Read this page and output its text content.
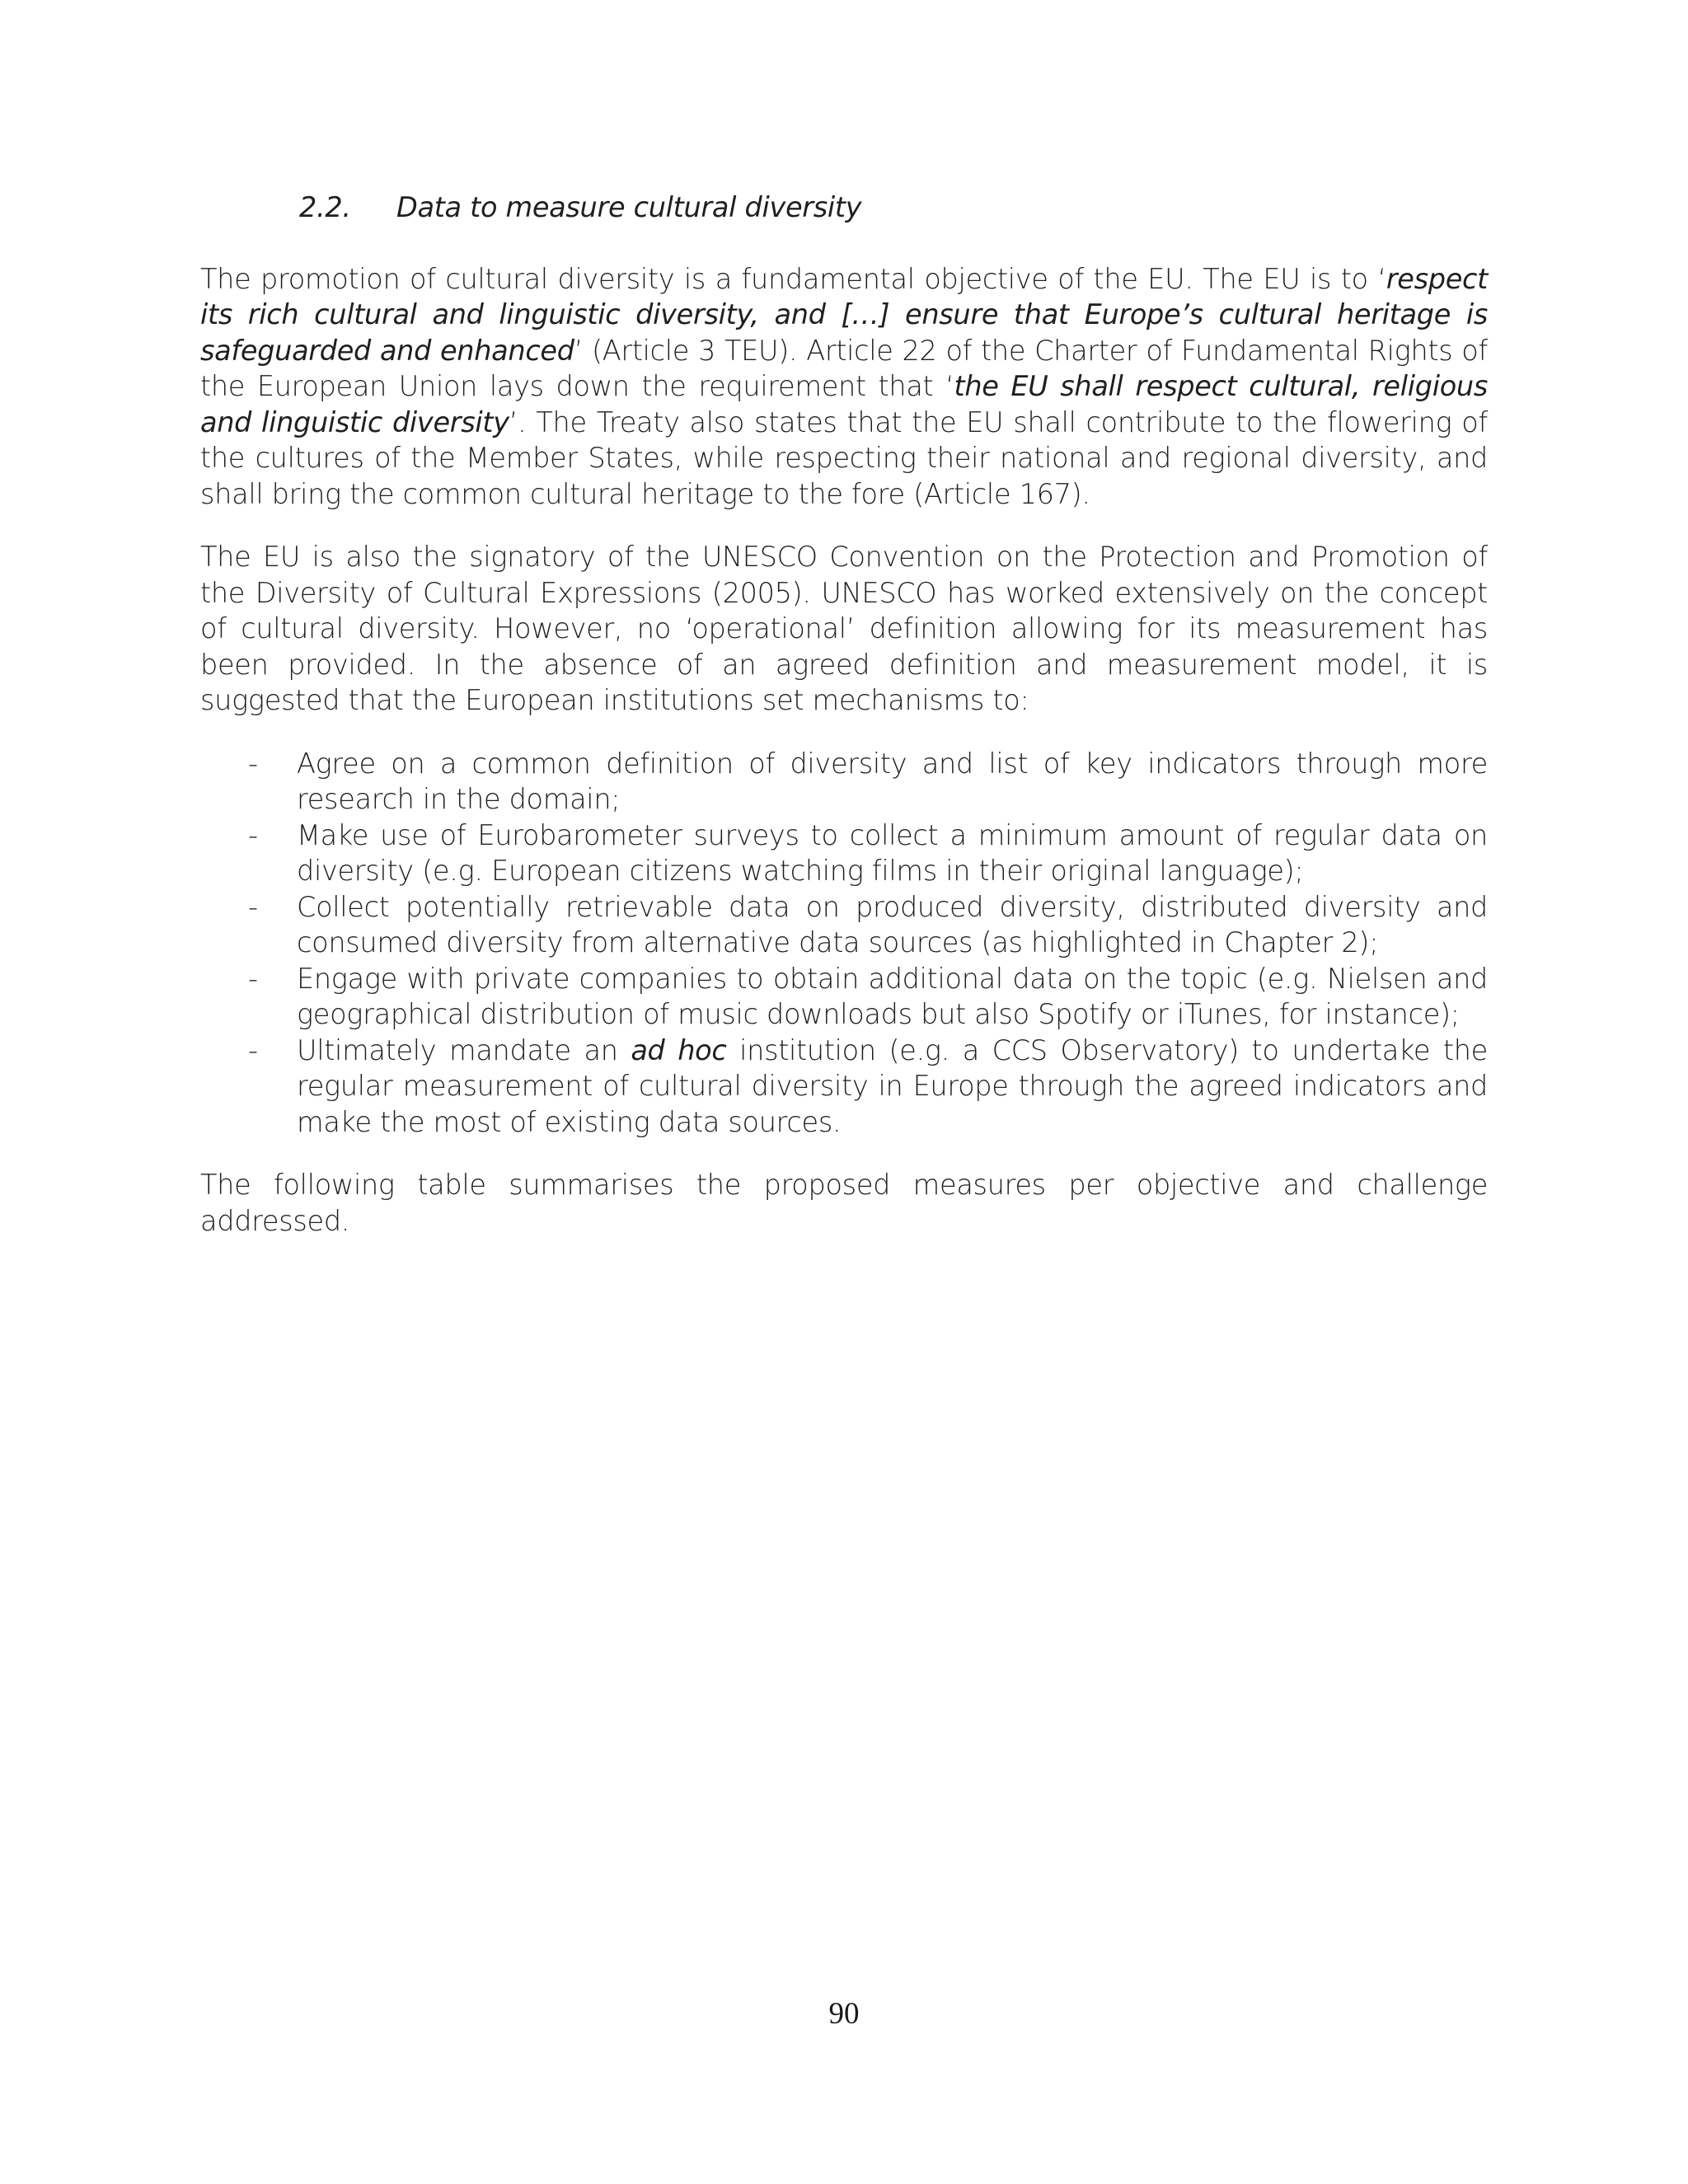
2.2.	Data to measure cultural diversity

The promotion of cultural diversity is a fundamental objective of the EU. The EU is to ‘respect its rich cultural and linguistic diversity, and […] ensure that Europe’s cultural heritage is safeguarded and enhanced’ (Article 3 TEU). Article 22 of the Charter of Fundamental Rights of the European Union lays down the requirement that ‘the EU shall respect cultural, religious and linguistic diversity’. The Treaty also states that the EU shall contribute to the flowering of the cultures of the Member States, while respecting their national and regional diversity, and shall bring the common cultural heritage to the fore (Article 167).

The EU is also the signatory of the UNESCO Convention on the Protection and Promotion of the Diversity of Cultural Expressions (2005). UNESCO has worked extensively on the concept of cultural diversity. However, no ‘operational’ definition allowing for its measurement has been provided. In the absence of an agreed definition and measurement model, it is suggested that the European institutions set mechanisms to:

- Agree on a common definition of diversity and list of key indicators through more research in the domain;
- Make use of Eurobarometer surveys to collect a minimum amount of regular data on diversity (e.g. European citizens watching films in their original language);
- Collect potentially retrievable data on produced diversity, distributed diversity and consumed diversity from alternative data sources (as highlighted in Chapter 2);
- Engage with private companies to obtain additional data on the topic (e.g. Nielsen and geographical distribution of music downloads but also Spotify or iTunes, for instance);
- Ultimately mandate an ad hoc institution (e.g. a CCS Observatory) to undertake the regular measurement of cultural diversity in Europe through the agreed indicators and make the most of existing data sources.

The following table summarises the proposed measures per objective and challenge addressed.

90
